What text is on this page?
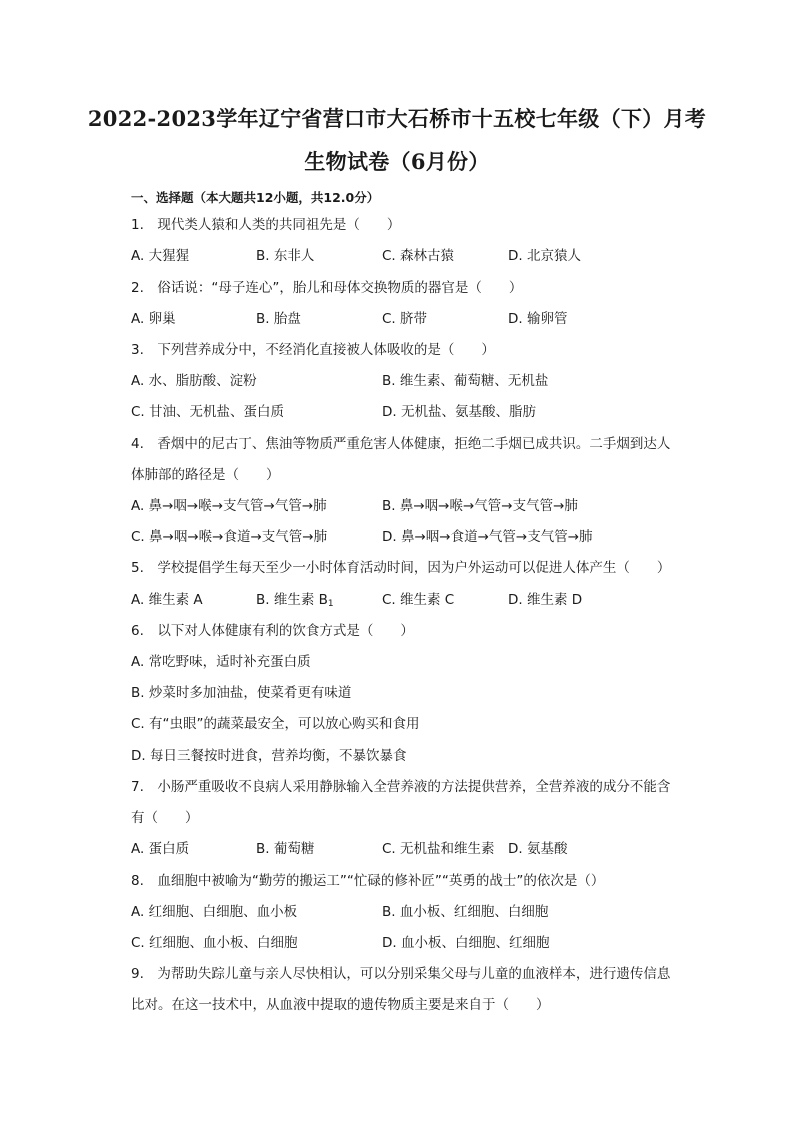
2022-2023学年辽宁省营口市大石桥市十五校七年级（下）月考
生物试卷（6月份）
一、选择题（本大题共12小题，共12.0分）
1.　现代类人猿和人类的共同祖先是（　　）
A. 大猩猩	B. 东非人	C. 森林古猿	D. 北京猿人
2.　俗话说：“母子连心”，胎儿和母体交换物质的器官是（　　）
A. 卵巢	B. 胎盘	C. 脐带	D. 输卵管
3.　下列营养成分中，不经消化直接被人体吸收的是（　　）
A. 水、脂肪酸、淀粉	B. 维生素、葡萄糖、无机盐
C. 甘油、无机盐、蛋白质	D. 无机盐、氨基酸、脂肪
4.　香烟中的尼古丁、焦油等物质严重危害人体健康，拒绝二手烟已成共识。二手烟到达人
体肺部的路径是（　　）
A. 鼻→咽→喉→支气管→气管→肺	B. 鼻→咽→喉→气管→支气管→肺
C. 鼻→咽→喉→食道→支气管→肺	D. 鼻→咽→食道→气管→支气管→肺
5.　学校提倡学生每天至少一小时体育活动时间，因为户外运动可以促进人体产生（　　）
A. 维生素 A	B. 维生素 $B_1$	C. 维生素 C	D. 维生素 D
6.　以下对人体健康有利的饮食方式是（　　）
A. 常吃野味，适时补充蛋白质
B. 炒菜时多加油盐，使菜肴更有味道
C. 有“虫眼”的蔬菜最安全，可以放心购买和食用
D. 每日三餐按时进食，营养均衡，不暴饮暴食
7.　小肠严重吸收不良病人采用静脉输入全营养液的方法提供营养，全营养液的成分不能含
有（　　）
A. 蛋白质	B. 葡萄糖	C. 无机盐和维生素 D. 氨基酸
8.　血细胞中被喻为“勤劳的搬运工”“忙碌的修补匠”“英勇的战士”的依次是（）
A. 红细胞、白细胞、血小板	B. 血小板、红细胞、白细胞
C. 红细胞、血小板、白细胞	D. 血小板、白细胞、红细胞
9.　为帮助失踪儿童与亲人尽快相认，可以分别采集父母与儿童的血液样本，进行遗传信息
比对。在这一技术中，从血液中提取的遗传物质主要是来自于（　　）
